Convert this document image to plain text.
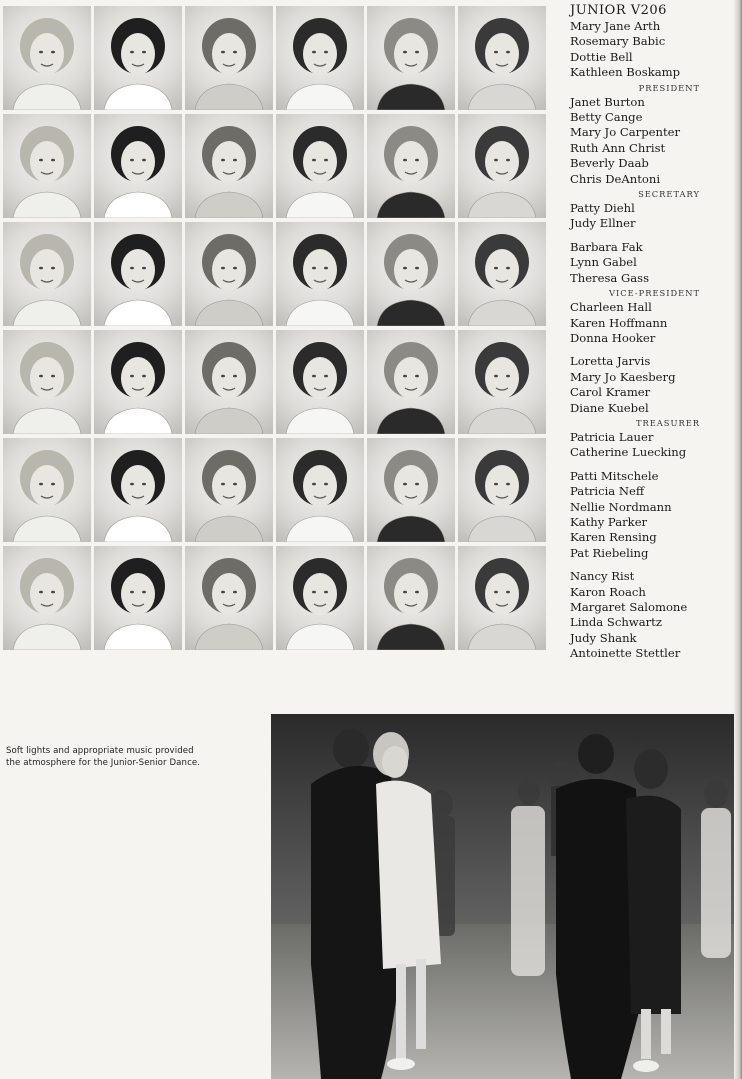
JUNIOR V206
Mary Jane Arth
Rosemary Babic
Dottie Bell
Kathleen Boskamp
PRESIDENT
Janet Burton
Betty Cange
Mary Jo Carpenter
Ruth Ann Christ
Beverly Daab
Chris DeAntoni
SECRETARY
Patty Diehl
Judy Ellner
Barbara Fak
Lynn Gabel
Theresa Gass
VICE-PRESIDENT
Charleen Hall
Karen Hoffmann
Donna Hooker
Loretta Jarvis
Mary Jo Kaesberg
Carol Kramer
Diane Kuebel
TREASURER
Patricia Lauer
Catherine Luecking
Patti Mitschele
Patricia Neff
Nellie Nordmann
Kathy Parker
Karen Rensing
Pat Riebeling
Nancy Rist
Karon Roach
Margaret Salomone
Linda Schwartz
Judy Shank
Antoinette Stettler
Soft lights and appropriate music provided
the atmosphere for the Junior-Senior Dance.
